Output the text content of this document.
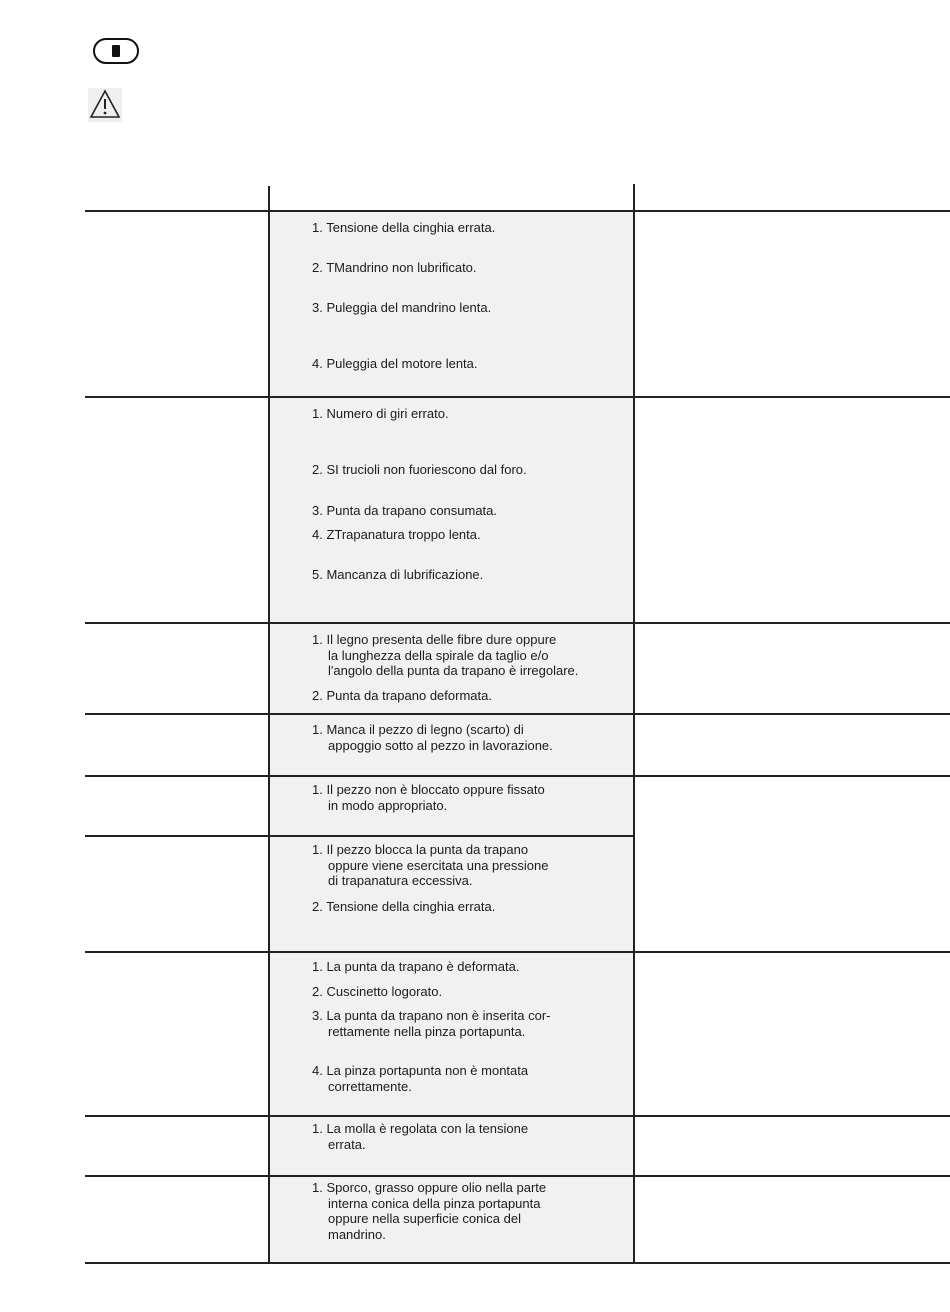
1. Tensione della cinghia errata.
2. TMandrino non lubrificato.
3. Puleggia del mandrino lenta.
4. Puleggia del motore lenta.
1. Numero di giri errato.
2. SI trucioli non fuoriescono dal foro.
3. Punta da trapano consumata.
4. ZTrapanatura troppo lenta.
5. Mancanza di lubrificazione.
1. Il legno presenta delle fibre dure oppure
la lunghezza della spirale da taglio e/o
l'angolo della punta da trapano è irregolare.
2. Punta da trapano deformata.
1. Manca il pezzo di legno (scarto) di
appoggio sotto al pezzo in lavorazione.
1. Il pezzo non è bloccato oppure fissato
in modo appropriato.
1. Il pezzo blocca la punta da trapano
oppure viene esercitata una pressione
di trapanatura eccessiva.
2. Tensione della cinghia errata.
1. La punta da trapano è deformata.
2. Cuscinetto logorato.
3. La punta da trapano non è inserita cor-
rettamente nella pinza portapunta.
4. La pinza portapunta non è montata
correttamente.
1. La molla è regolata con la tensione
errata.
1. Sporco, grasso oppure olio nella parte
interna conica della pinza portapunta
oppure nella superficie conica del
mandrino.
